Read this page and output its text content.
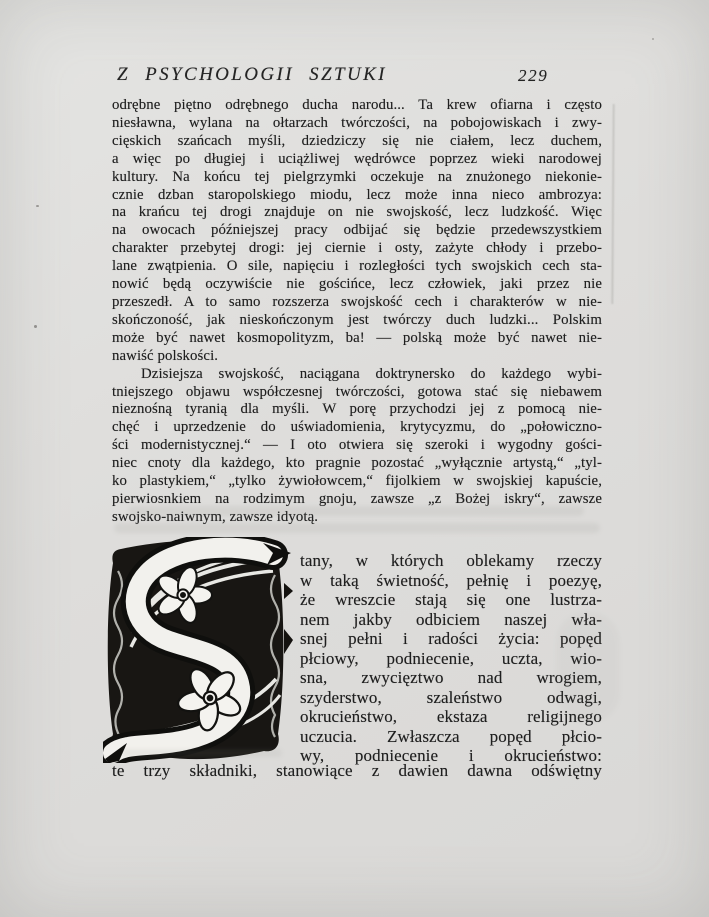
Z PSYCHOLOGII SZTUKI	229
odrębne piętno odrębnego ducha narodu... Ta krew ofiarna i często
niesławna, wylana na ołtarzach twórczości, na pobojowiskach i zwy-
cięskich szańcach myśli, dziedziczy się nie ciałem, lecz duchem,
a więc po długiej i uciążliwej wędrówce poprzez wieki narodowej
kultury. Na końcu tej pielgrzymki oczekuje na znużonego niekonie-
cznie dzban staropolskiego miodu, lecz może inna nieco ambrozya:
na krańcu tej drogi znajduje on nie swojskość, lecz ludzkość. Więc
na owocach późniejszej pracy odbijać się będzie przedewszystkiem
charakter przebytej drogi: jej ciernie i osty, zażyte chłody i przebo-
lane zwątpienia. O sile, napięciu i rozległości tych swojskich cech sta-
nowić będą oczywiście nie gościńce, lecz człowiek, jaki przez nie
przeszedł. A to samo rozszerza swojskość cech i charakterów w nie-
skończoność, jak nieskończonym jest twórczy duch ludzki... Polskim
może być nawet kosmopolityzm, ba! — polską może być nawet nie-
nawiść polskości.
Dzisiejsza swojskość, naciągana doktrynersko do każdego wybi-
tniejszego objawu współczesnej twórczości, gotowa stać się niebawem
nieznośną tyranią dla myśli. W porę przychodzi jej z pomocą nie-
chęć i uprzedzenie do uświadomienia, krytycyzmu, do „połowiczno-
ści modernistycznej.“ — I oto otwiera się szeroki i wygodny gości-
niec cnoty dla każdego, kto pragnie pozostać „wyłącznie artystą,“ „tyl-
ko plastykiem,“ „tylko żywiołowcem,“ fijolkiem w swojskiej kapuście,
pierwiosnkiem na rodzimym gnoju, zawsze „z Bożej iskry“, zawsze
swojsko-naiwnym, zawsze idyotą.
tany, w których oblekamy rzeczy
w taką świetność, pełnię i poezyę,
że wreszcie stają się one lustrza-
nem jakby odbiciem naszej wła-
snej pełni i radości życia: popęd
płciowy, podniecenie, uczta, wio-
sna, zwycięztwo nad wrogiem,
szyderstwo, szaleństwo odwagi,
okrucieństwo, ekstaza religijnego
uczucia. Zwłaszcza popęd płcio-
wy, podniecenie i okrucieństwo:
te trzy składniki, stanowiące z dawien dawna odświętny
